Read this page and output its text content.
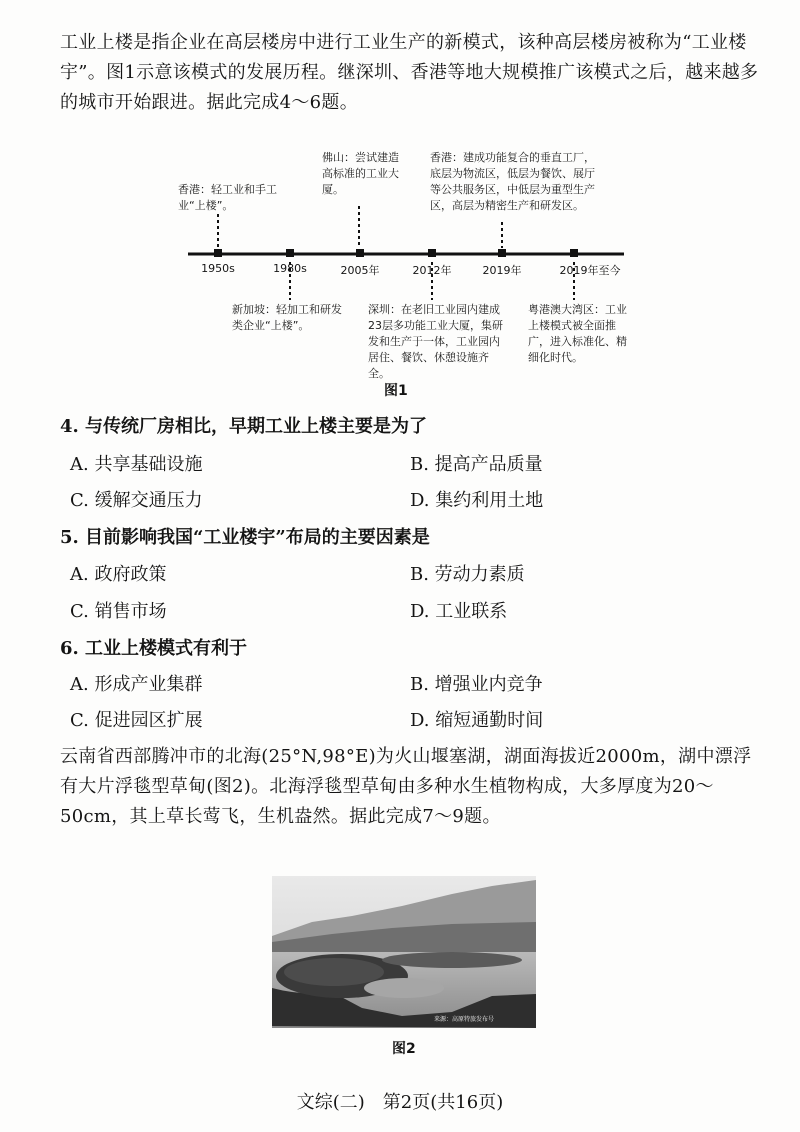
工业上楼是指企业在高层楼房中进行工业生产的新模式，该种高层楼房被称为“工业楼宇”。图1示意该模式的发展历程。继深圳、香港等地大规模推广该模式之后，越来越多的城市开始跟进。据此完成4～6题。
1950s	1980s	2005年	2012年	2019年	2019年至今
香港：轻工业和手工业“上楼”。
佛山：尝试建造高标准的工业大厦。
香港：建成功能复合的垂直工厂，底层为物流区，低层为餐饮、展厅等公共服务区，中低层为重型生产区，高层为精密生产和研发区。
新加坡：轻加工和研发类企业“上楼”。
深圳：在老旧工业园内建成23层多功能工业大厦，集研发和生产于一体，工业园内居住、餐饮、休憩设施齐全。
粤港澳大湾区：工业上楼模式被全面推广，进入标准化、精细化时代。
图1
4. 与传统厂房相比，早期工业上楼主要是为了
A. 共享基础设施	B. 提高产品质量
C. 缓解交通压力	D. 集约利用土地
5. 目前影响我国“工业楼宇”布局的主要因素是
A. 政府政策	B. 劳动力素质
C. 销售市场	D. 工业联系
6. 工业上楼模式有利于
A. 形成产业集群	B. 增强业内竞争
C. 促进园区扩展	D. 缩短通勤时间
云南省西部腾冲市的北海(25°N,98°E)为火山堰塞湖，湖面海拔近2000m，湖中漂浮有大片浮毯型草甸(图2)。北海浮毯型草甸由多种水生植物构成，大多厚度为20～50cm，其上草长莺飞，生机盎然。据此完成7～9题。
来源：高原特旅发布号
图2
文综(二)　第2页(共16页)
